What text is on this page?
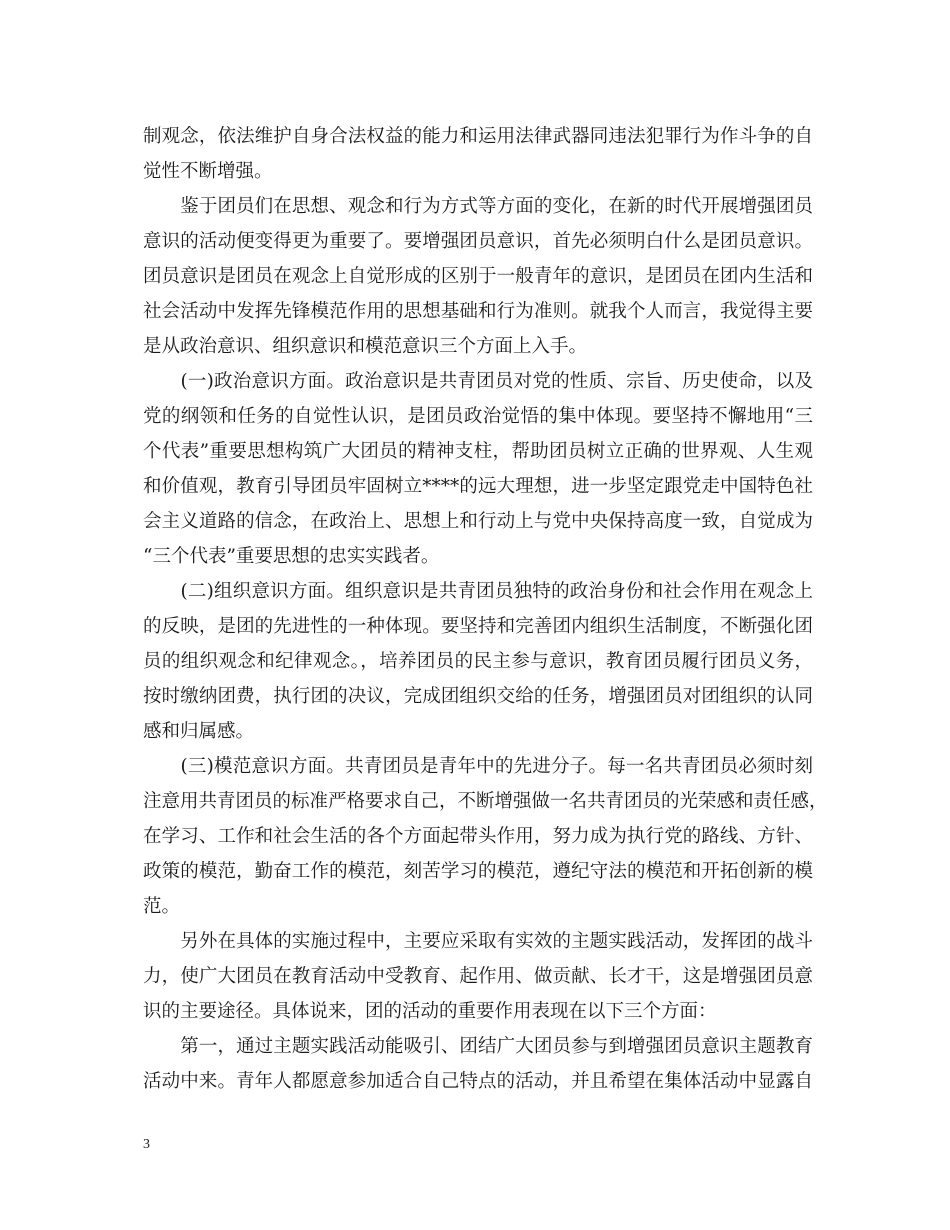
制观念，依法维护自身合法权益的能力和运用法律武器同违法犯罪行为作斗争的自
觉性不断增强。
　　鉴于团员们在思想、观念和行为方式等方面的变化，在新的时代开展增强团员
意识的活动便变得更为重要了。要增强团员意识，首先必须明白什么是团员意识。
团员意识是团员在观念上自觉形成的区别于一般青年的意识，是团员在团内生活和
社会活动中发挥先锋模范作用的思想基础和行为准则。就我个人而言，我觉得主要
是从政治意识、组织意识和模范意识三个方面上入手。
　　(一)政治意识方面。政治意识是共青团员对党的性质、宗旨、历史使命，以及
党的纲领和任务的自觉性认识，是团员政治觉悟的集中体现。要坚持不懈地用“三
个代表”重要思想构筑广大团员的精神支柱，帮助团员树立正确的世界观、人生观
和价值观，教育引导团员牢固树立****的远大理想，进一步坚定跟党走中国特色社
会主义道路的信念，在政治上、思想上和行动上与党中央保持高度一致，自觉成为
“三个代表”重要思想的忠实实践者。
　　(二)组织意识方面。组织意识是共青团员独特的政治身份和社会作用在观念上
的反映，是团的先进性的一种体现。要坚持和完善团内组织生活制度，不断强化团
员的组织观念和纪律观念。，培养团员的民主参与意识，教育团员履行团员义务，
按时缴纳团费，执行团的决议，完成团组织交给的任务，增强团员对团组织的认同
感和归属感。
　　(三)模范意识方面。共青团员是青年中的先进分子。每一名共青团员必须时刻
注意用共青团员的标准严格要求自己，不断增强做一名共青团员的光荣感和责任感，
在学习、工作和社会生活的各个方面起带头作用，努力成为执行党的路线、方针、
政策的模范，勤奋工作的模范，刻苦学习的模范，遵纪守法的模范和开拓创新的模
范。
　　另外在具体的实施过程中，主要应采取有实效的主题实践活动，发挥团的战斗
力，使广大团员在教育活动中受教育、起作用、做贡献、长才干，这是增强团员意
识的主要途径。具体说来，团的活动的重要作用表现在以下三个方面：
　　第一，通过主题实践活动能吸引、团结广大团员参与到增强团员意识主题教育
活动中来。青年人都愿意参加适合自己特点的活动，并且希望在集体活动中显露自
3
